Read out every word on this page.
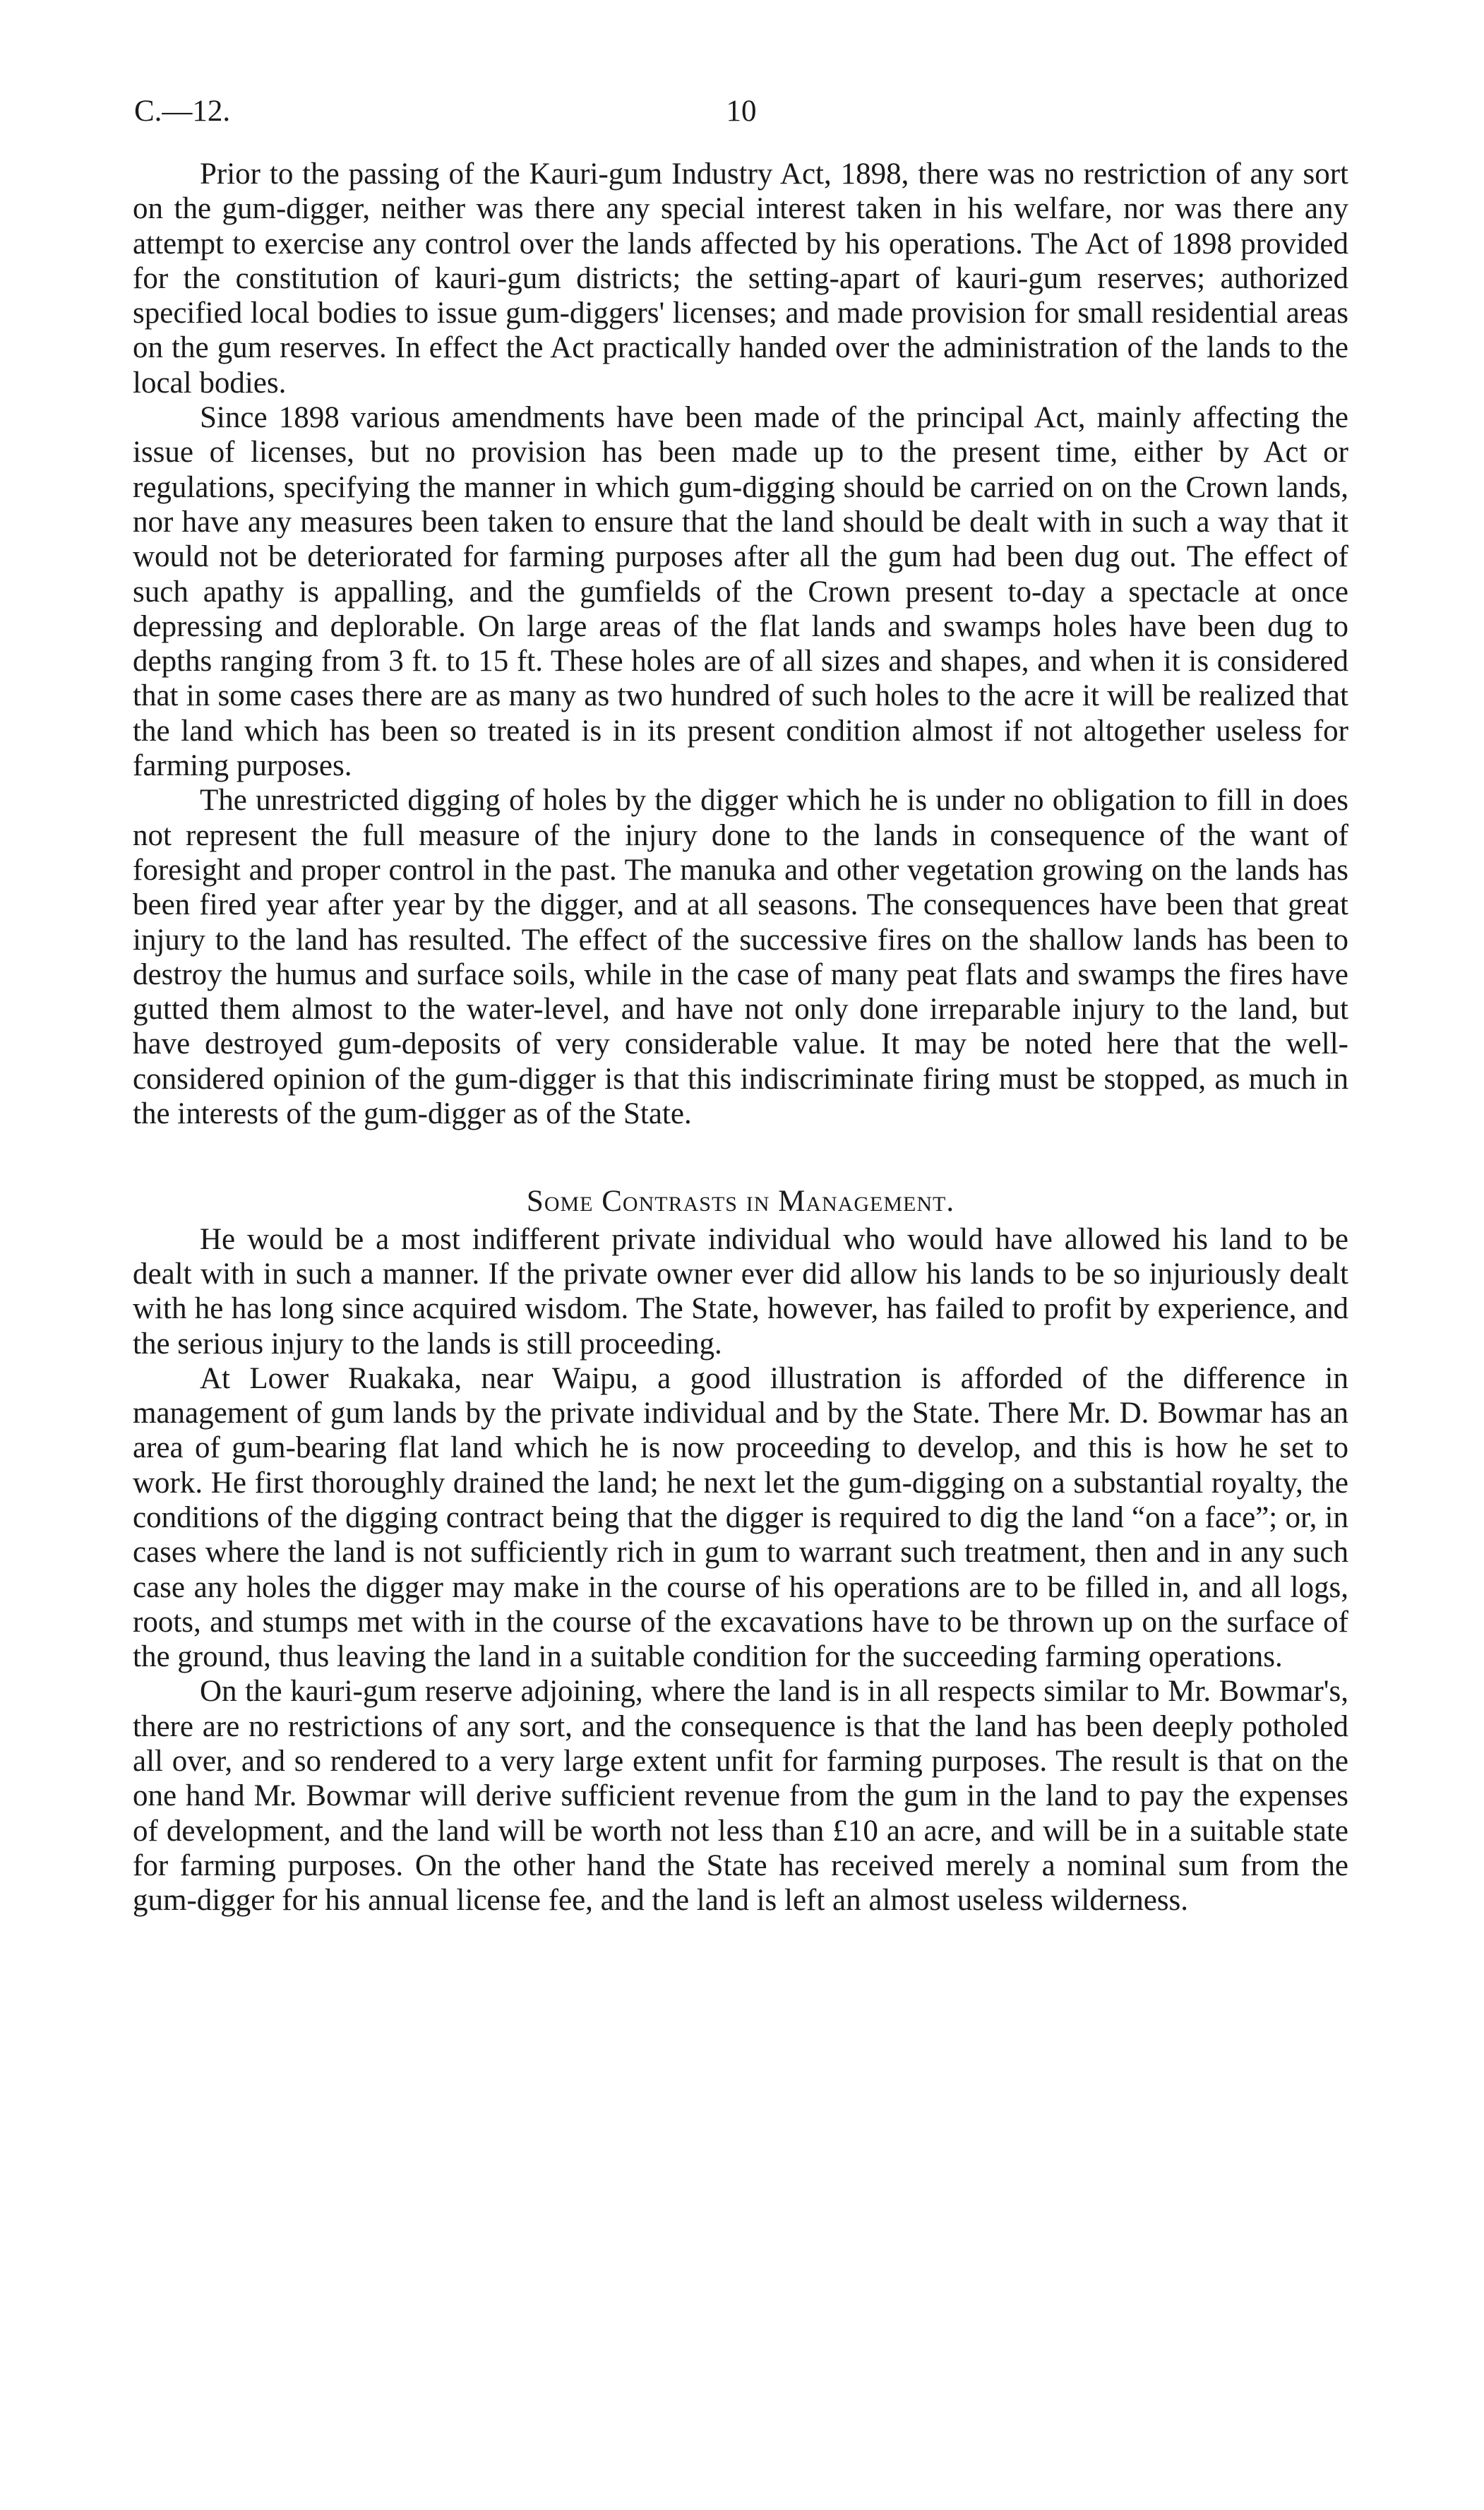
C.—12.	10

Prior to the passing of the Kauri-gum Industry Act, 1898, there was no restriction of any sort on the gum-digger, neither was there any special interest taken in his welfare, nor was there any attempt to exercise any control over the lands affected by his operations. The Act of 1898 provided for the constitution of kauri-gum districts; the setting-apart of kauri-gum reserves; authorized specified local bodies to issue gum-diggers' licenses; and made provision for small residential areas on the gum reserves. In effect the Act practically handed over the administration of the lands to the local bodies.

Since 1898 various amendments have been made of the principal Act, mainly affecting the issue of licenses, but no provision has been made up to the present time, either by Act or regulations, specifying the manner in which gum-digging should be carried on on the Crown lands, nor have any measures been taken to ensure that the land should be dealt with in such a way that it would not be deteriorated for farming purposes after all the gum had been dug out. The effect of such apathy is appalling, and the gumfields of the Crown present to-day a spectacle at once depressing and deplorable. On large areas of the flat lands and swamps holes have been dug to depths ranging from 3 ft. to 15 ft. These holes are of all sizes and shapes, and when it is considered that in some cases there are as many as two hundred of such holes to the acre it will be realized that the land which has been so treated is in its present condition almost if not altogether useless for farming purposes.

The unrestricted digging of holes by the digger which he is under no obligation to fill in does not represent the full measure of the injury done to the lands in consequence of the want of foresight and proper control in the past. The manuka and other vegetation growing on the lands has been fired year after year by the digger, and at all seasons. The consequences have been that great injury to the land has resulted. The effect of the successive fires on the shallow lands has been to destroy the humus and surface soils, while in the case of many peat flats and swamps the fires have gutted them almost to the water-level, and have not only done irreparable injury to the land, but have destroyed gum-deposits of very considerable value. It may be noted here that the well-considered opinion of the gum-digger is that this indiscriminate firing must be stopped, as much in the interests of the gum-digger as of the State.

Some Contrasts in Management.

He would be a most indifferent private individual who would have allowed his land to be dealt with in such a manner. If the private owner ever did allow his lands to be so injuriously dealt with he has long since acquired wisdom. The State, however, has failed to profit by experience, and the serious injury to the lands is still proceeding.

At Lower Ruakaka, near Waipu, a good illustration is afforded of the difference in management of gum lands by the private individual and by the State. There Mr. D. Bowmar has an area of gum-bearing flat land which he is now proceeding to develop, and this is how he set to work. He first thoroughly drained the land; he next let the gum-digging on a substantial royalty, the conditions of the digging contract being that the digger is required to dig the land “on a face”; or, in cases where the land is not sufficiently rich in gum to warrant such treatment, then and in any such case any holes the digger may make in the course of his operations are to be filled in, and all logs, roots, and stumps met with in the course of the excavations have to be thrown up on the surface of the ground, thus leaving the land in a suitable condition for the succeeding farming operations.

On the kauri-gum reserve adjoining, where the land is in all respects similar to Mr. Bowmar's, there are no restrictions of any sort, and the consequence is that the land has been deeply potholed all over, and so rendered to a very large extent unfit for farming purposes. The result is that on the one hand Mr. Bowmar will derive sufficient revenue from the gum in the land to pay the expenses of development, and the land will be worth not less than £10 an acre, and will be in a suitable state for farming purposes. On the other hand the State has received merely a nominal sum from the gum-digger for his annual license fee, and the land is left an almost useless wilderness.
